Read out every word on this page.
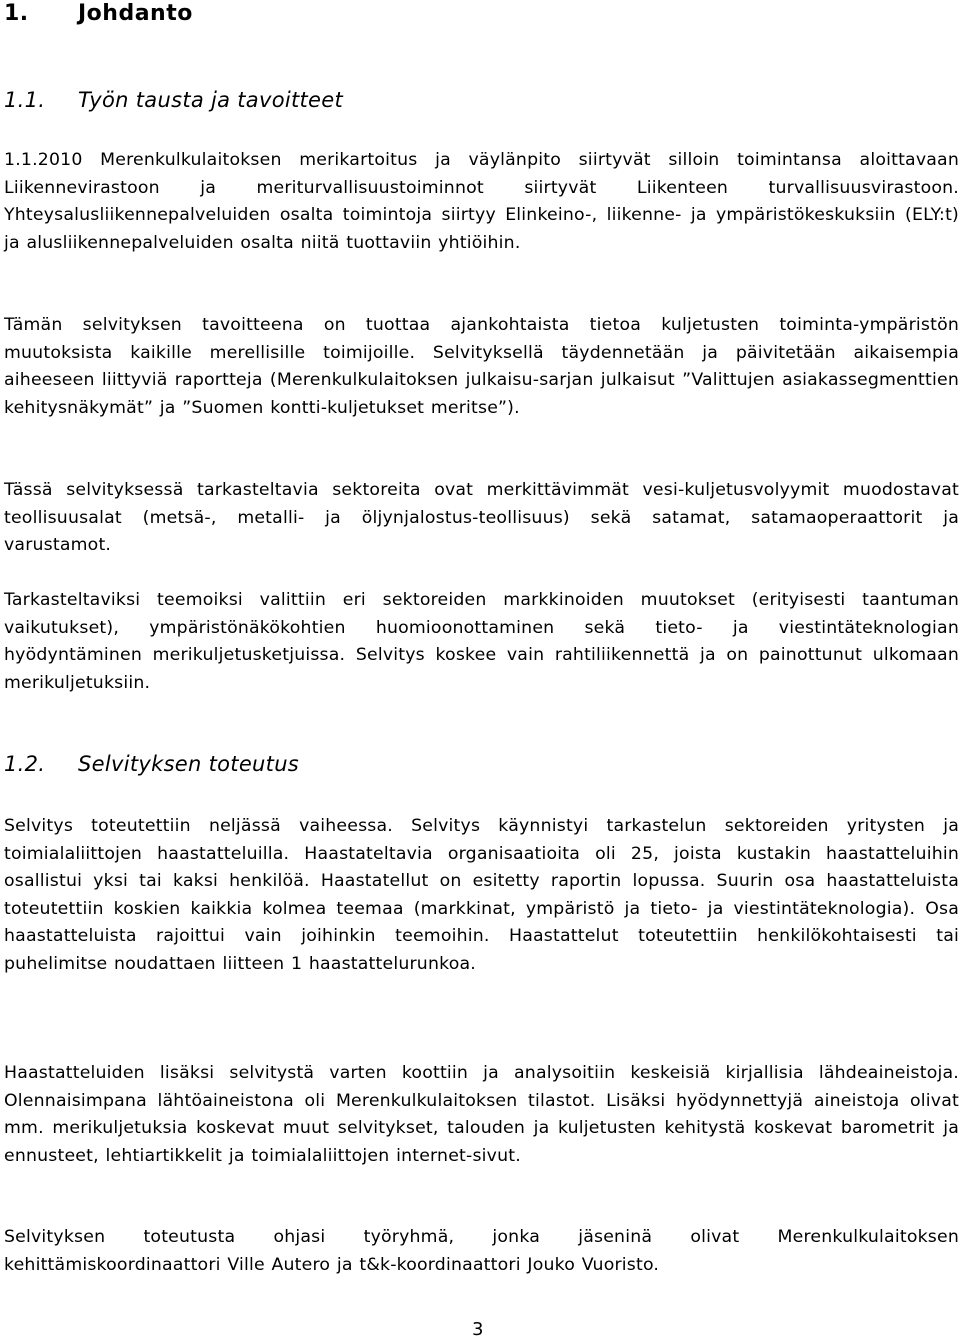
1. Johdanto
1.1. Työn tausta ja tavoitteet

1.1.2010 Merenkulkulaitoksen merikartoitus ja väylänpito siirtyvät silloin toimintansa aloittavaan Liikennevirastoon ja meriturvallisuustoiminnot siirtyvät Liikenteen turvallisuusvirastoon. Yhteysalusliikennepalveluiden osalta toimintoja siirtyy Elinkeino-, liikenne- ja ympäristökeskuksiin (ELY:t) ja alusliikennepalveluiden osalta niitä tuottaviin yhtiöihin.

Tämän selvityksen tavoitteena on tuottaa ajankohtaista tietoa kuljetusten toiminta-ympäristön muutoksista kaikille merellisille toimijoille. Selvityksellä täydennetään ja päivitetään aikaisempia aiheeseen liittyviä raportteja (Merenkulkulaitoksen julkaisu-sarjan julkaisut ”Valittujen asiakassegmenttien kehitysnäkymät” ja ”Suomen kontti-kuljetukset meritse”).

Tässä selvityksessä tarkasteltavia sektoreita ovat merkittävimmät vesi-kuljetusvolyymit muodostavat teollisuusalat (metsä-, metalli- ja öljynjalostus-teollisuus) sekä satamat, satamaoperaattorit ja varustamot.

Tarkasteltaviksi teemoiksi valittiin eri sektoreiden markkinoiden muutokset (erityisesti taantuman vaikutukset), ympäristönäkökohtien huomioonottaminen sekä tieto- ja viestintäteknologian hyödyntäminen merikuljetusketjuissa. Selvitys koskee vain rahtiliikennettä ja on painottunut ulkomaan merikuljetuksiin.

1.2. Selvityksen toteutus

Selvitys toteutettiin neljässä vaiheessa. Selvitys käynnistyi tarkastelun sektoreiden yritysten ja toimialaliittojen haastatteluilla. Haastateltavia organisaatioita oli 25, joista kustakin haastatteluihin osallistui yksi tai kaksi henkilöä. Haastatellut on esitetty raportin lopussa. Suurin osa haastatteluista toteutettiin koskien kaikkia kolmea teemaa (markkinat, ympäristö ja tieto- ja viestintäteknologia). Osa haastatteluista rajoittui vain joihinkin teemoihin. Haastattelut toteutettiin henkilökohtaisesti tai puhelimitse noudattaen liitteen 1 haastattelurunkoa.

Haastatteluiden lisäksi selvitystä varten koottiin ja analysoitiin keskeisiä kirjallisia lähdeaineistoja. Olennaisimpana lähtöaineistona oli Merenkulkulaitoksen tilastot. Lisäksi hyödynnettyjä aineistoja olivat mm. merikuljetuksia koskevat muut selvitykset, talouden ja kuljetusten kehitystä koskevat barometrit ja ennusteet, lehtiartikkelit ja toimialaliittojen internet-sivut.

Selvityksen toteutusta ohjasi työryhmä, jonka jäseninä olivat Merenkulkulaitoksen kehittämiskoordinaattori Ville Autero ja t&k-koordinaattori Jouko Vuoristo.

3
